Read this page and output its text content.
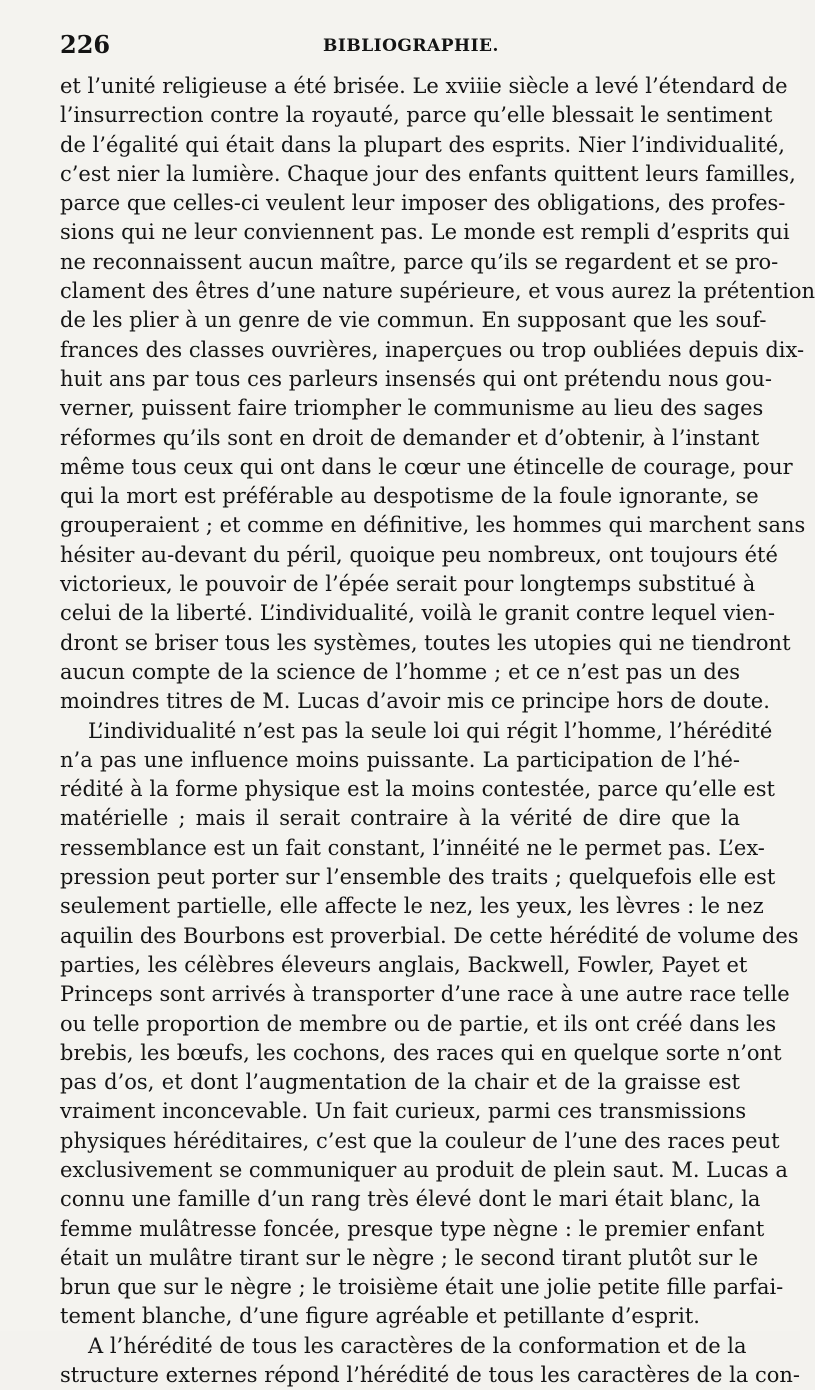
226	BIBLIOGRAPHIE.
et l’unité religieuse a été brisée. Le xviiie siècle a levé l’étendard de
l’insurrection contre la royauté, parce qu’elle blessait le sentiment
de l’égalité qui était dans la plupart des esprits. Nier l’individualité,
c’est nier la lumière. Chaque jour des enfants quittent leurs familles,
parce que celles-ci veulent leur imposer des obligations, des profes-
sions qui ne leur conviennent pas. Le monde est rempli d’esprits qui
ne reconnaissent aucun maître, parce qu’ils se regardent et se pro-
clament des êtres d’une nature supérieure, et vous aurez la prétention
de les plier à un genre de vie commun. En supposant que les souf-
frances des classes ouvrières, inaperçues ou trop oubliées depuis dix-
huit ans par tous ces parleurs insensés qui ont prétendu nous gou-
verner, puissent faire triompher le communisme au lieu des sages
réformes qu’ils sont en droit de demander et d’obtenir, à l’instant
même tous ceux qui ont dans le cœur une étincelle de courage, pour
qui la mort est préférable au despotisme de la foule ignorante, se
grouperaient ; et comme en définitive, les hommes qui marchent sans
hésiter au-devant du péril, quoique peu nombreux, ont toujours été
victorieux, le pouvoir de l’épée serait pour longtemps substitué à
celui de la liberté. L’individualité, voilà le granit contre lequel vien-
dront se briser tous les systèmes, toutes les utopies qui ne tiendront
aucun compte de la science de l’homme ; et ce n’est pas un des
moindres titres de M. Lucas d’avoir mis ce principe hors de doute.
L’individualité n’est pas la seule loi qui régit l’homme, l’hérédité
n’a pas une influence moins puissante. La participation de l’hé-
rédité à la forme physique est la moins contestée, parce qu’elle est
matérielle ; mais il serait contraire à la vérité de dire que la
ressemblance est un fait constant, l’innéité ne le permet pas. L’ex-
pression peut porter sur l’ensemble des traits ; quelquefois elle est
seulement partielle, elle affecte le nez, les yeux, les lèvres : le nez
aquilin des Bourbons est proverbial. De cette hérédité de volume des
parties, les célèbres éleveurs anglais, Backwell, Fowler, Payet et
Princeps sont arrivés à transporter d’une race à une autre race telle
ou telle proportion de membre ou de partie, et ils ont créé dans les
brebis, les bœufs, les cochons, des races qui en quelque sorte n’ont
pas d’os, et dont l’augmentation de la chair et de la graisse est
vraiment inconcevable. Un fait curieux, parmi ces transmissions
physiques héréditaires, c’est que la couleur de l’une des races peut
exclusivement se communiquer au produit de plein saut. M. Lucas a
connu une famille d’un rang très élevé dont le mari était blanc, la
femme mulâtresse foncée, presque type nègne : le premier enfant
était un mulâtre tirant sur le nègre ; le second tirant plutôt sur le
brun que sur le nègre ; le troisième était une jolie petite fille parfai-
tement blanche, d’une figure agréable et petillante d’esprit.
A l’hérédité de tous les caractères de la conformation et de la
structure externes répond l’hérédité de tous les caractères de la con-
